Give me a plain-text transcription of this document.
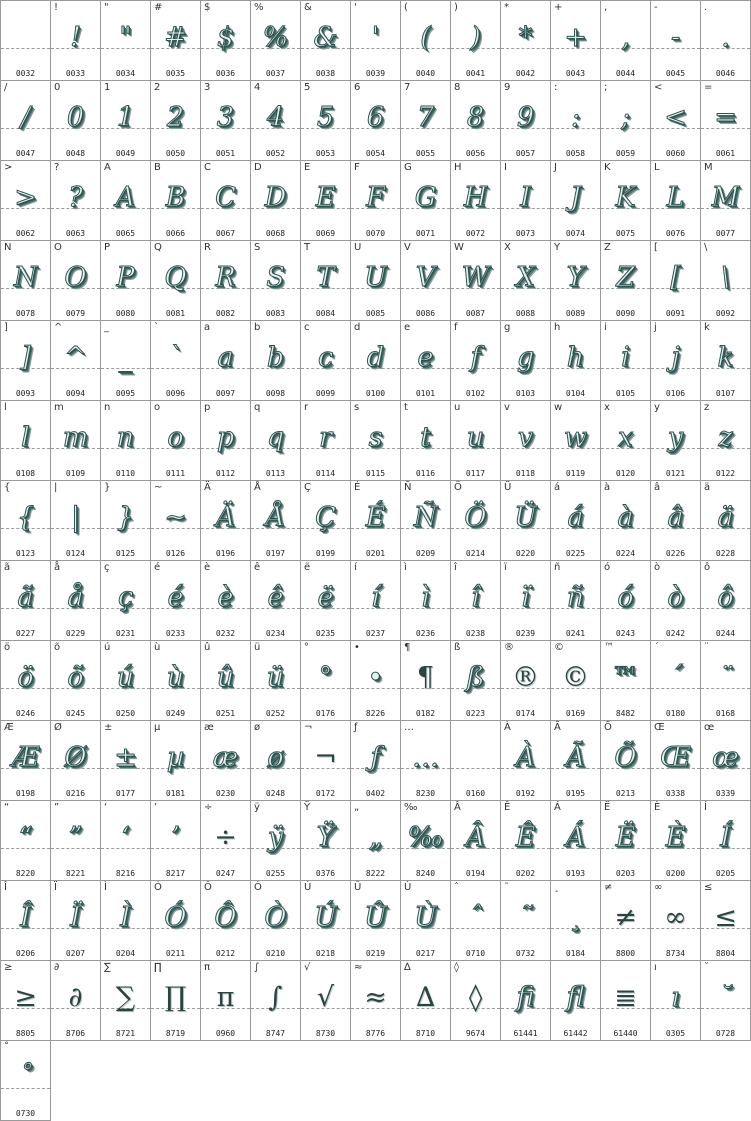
0032
!
!
0033
"
"
0034
#
#
0035
$
$
0036
%
%
0037
&
&
0038
'
'
0039
(
(
0040
)
)
0041
*
*
0042
+
+
0043
,
,
0044
-
-
0045
.
.
0046
/
/
0047
0
0
0048
1
1
0049
2
2
0050
3
3
0051
4
4
0052
5
5
0053
6
6
0054
7
7
0055
8
8
0056
9
9
0057
:
:
0058
;
;
0059
<
<
0060
=
=
0061
>
>
0062
?
?
0063
A
A
0065
B
B
0066
C
C
0067
D
D
0068
E
E
0069
F
F
0070
G
G
0071
H
H
0072
I
I
0073
J
J
0074
K
K
0075
L
L
0076
M
M
0077
N
N
0078
O
O
0079
P
P
0080
Q
Q
0081
R
R
0082
S
S
0083
T
T
0084
U
U
0085
V
V
0086
W
W
0087
X
X
0088
Y
Y
0089
Z
Z
0090
[
[
0091
\
\
0092
]
]
0093
^
^
0094
_
_
0095
`
`
0096
a
a
0097
b
b
0098
c
c
0099
d
d
0100
e
e
0101
f
f
0102
g
g
0103
h
h
0104
i
i
0105
j
j
0106
k
k
0107
l
l
0108
m
m
0109
n
n
0110
o
o
0111
p
p
0112
q
q
0113
r
r
0114
s
s
0115
t
t
0116
u
u
0117
v
v
0118
w
w
0119
x
x
0120
y
y
0121
z
z
0122
{
{
0123
|
|
0124
}
}
0125
~
~
0126
Ä
Ä
0196
Å
Å
0197
Ç
Ç
0199
É
É
0201
Ñ
Ñ
0209
Ö
Ö
0214
Ü
Ü
0220
á
á
0225
à
à
0224
â
â
0226
ä
ä
0228
ã
ã
0227
å
å
0229
ç
ç
0231
é
é
0233
è
è
0232
ê
ê
0234
ë
ë
0235
í
í
0237
ì
ì
0236
î
î
0238
ï
ï
0239
ñ
ñ
0241
ó
ó
0243
ò
ò
0242
ô
ô
0244
ö
ö
0246
õ
õ
0245
ú
ú
0250
ù
ù
0249
û
û
0251
ü
ü
0252
°
°
0176
•
•
8226
¶
¶
0182
ß
ß
0223
®
®
0174
©
©
0169
™
™
8482
´
´
0180
¨
¨
0168
Æ
Æ
0198
Ø
Ø
0216
±
±
0177
µ
µ
0181
æ
æ
0230
ø
ø
0248
¬
¬
0172
ƒ
ƒ
0402
…
…
8230	0160
À
À
0192
Ã
Ã
0195
Õ
Õ
0213
Œ
Œ
0338
œ
œ
0339
“
“
8220
”
”
8221
‘
‘
8216
’
’
8217
÷
÷
0247
ÿ
ÿ
0255
Ÿ
Ÿ
0376
„
„
8222
‰
‰
8240
Â
Â
0194
Ê
Ê
0202
Á
Á
0193
Ë
Ë
0203
È
È
0200
Í
Í
0205
Î
Î
0206
Ï
Ï
0207
Ì
Ì
0204
Ó
Ó
0211
Ô
Ô
0212
Ò
Ò
0210
Ú
Ú
0218
Û
Û
0219
Ù
Ù
0217
ˆ
ˆ
0710
˜
˜
0732
¸
¸
0184
≠
≠
8800
∞
∞
8734
≤
≤
8804
≥
≥
8805
∂
∂
8706
∑
∑
8721
∏
∏
8719
π
π
0960
∫
∫
8747
√
√
8730
≈
≈
8776
∆
∆
8710
◊
◊
9674
fi
61441
fl
61442
≣
61440
ı
ı
0305
˘
˘
0728
˚
˚
0730
